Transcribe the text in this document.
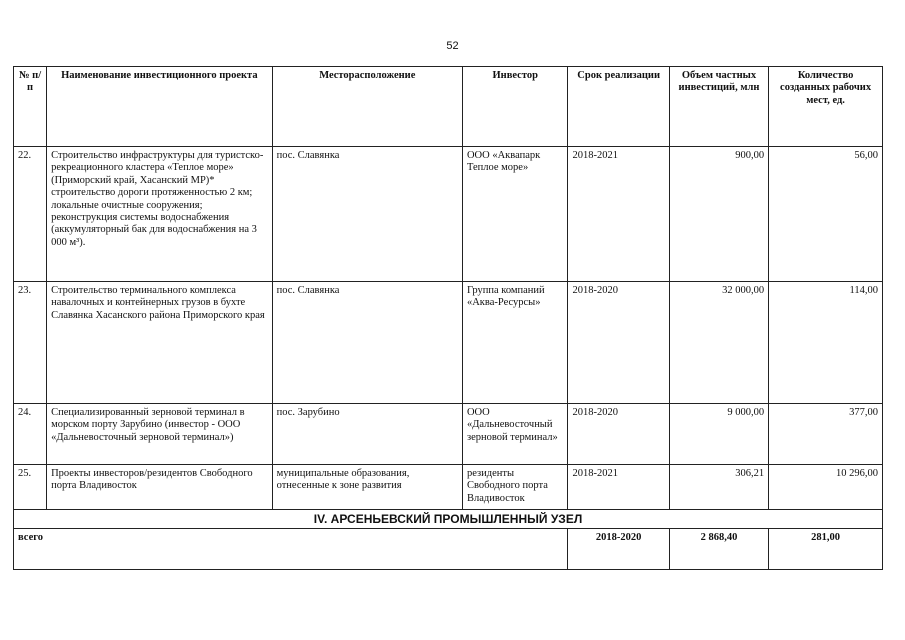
52
№ п/п	Наименование инвестиционного проекта	Месторасположение	Инвестор	Срок реализации	Объем частных инвестиций, млн	Количество созданных рабочих мест, ед.
22.	Строительство инфраструктуры для туристско-рекреационного кластера «Теплое море» (Приморский край, Хасанский МР)* строительство дороги протяженностью 2 км; локальные очистные сооружения; реконструкция системы водоснабжения (аккумуляторный бак для водоснабжения на 3 000 м³).	пос. Славянка	ООО «Аквапарк Теплое море»	2018-2021	900,00	56,00
23.	Строительство терминального комплекса навалочных и контейнерных грузов в бухте Славянка Хасанского района Приморского края	пос. Славянка	Группа компаний «Аква-Ресурсы»	2018-2020	32 000,00	114,00
24.	Специализированный зерновой терминал в морском порту Зарубино (инвестор - ООО «Дальневосточный зерновой терминал»)	пос. Зарубино	ООО «Дальневосточный зерновой терминал»	2018-2020	9 000,00	377,00
25.	Проекты инвесторов/резидентов Свободного порта Владивосток	муниципальные образования, отнесенные к зоне развития	резиденты Свободного порта Владивосток	2018-2021	306,21	10 296,00
IV. АРСЕНЬЕВСКИЙ ПРОМЫШЛЕННЫЙ УЗЕЛ						
всего				2018-2020	2 868,40	281,00
